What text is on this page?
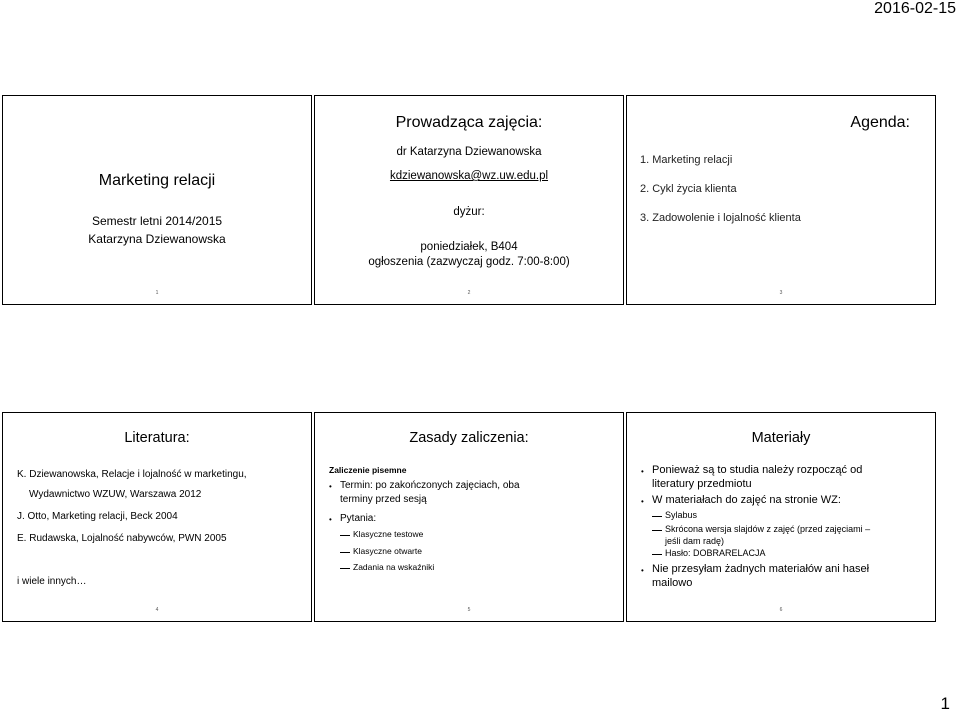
2016-02-15
Marketing relacji
Semestr letni 2014/2015
Katarzyna Dziewanowska
1
Prowadząca zajęcia:
dr Katarzyna Dziewanowska
kdziewanowska@wz.uw.edu.pl
dyżur:
poniedziałek, B404
ogłoszenia (zazwyczaj godz. 7:00-8:00)
2
Agenda:
1. Marketing relacji
2. Cykl życia klienta
3. Zadowolenie i lojalność klienta
3
Literatura:
K. Dziewanowska, Relacje i lojalność w marketingu,
Wydawnictwo WZUW, Warszawa 2012
J. Otto, Marketing relacji, Beck 2004
E. Rudawska, Lojalność nabywców, PWN 2005
i wiele innych…
4
Zasady zaliczenia:
Zaliczenie pisemne
• Termin: po zakończonych zajęciach, oba
terminy przed sesją
• Pytania:
Klasyczne testowe
Klasyczne otwarte
Zadania na wskaźniki
5
Materiały
• Ponieważ są to studia należy rozpocząć od
literatury przedmiotu
• W materiałach do zajęć na stronie WZ:
Sylabus
Skrócona wersja slajdów z zajęć (przed zajęciami –
jeśli dam radę)
Hasło: DOBRARELACJA
• Nie przesyłam żadnych materiałów ani haseł
mailowo
6
1
